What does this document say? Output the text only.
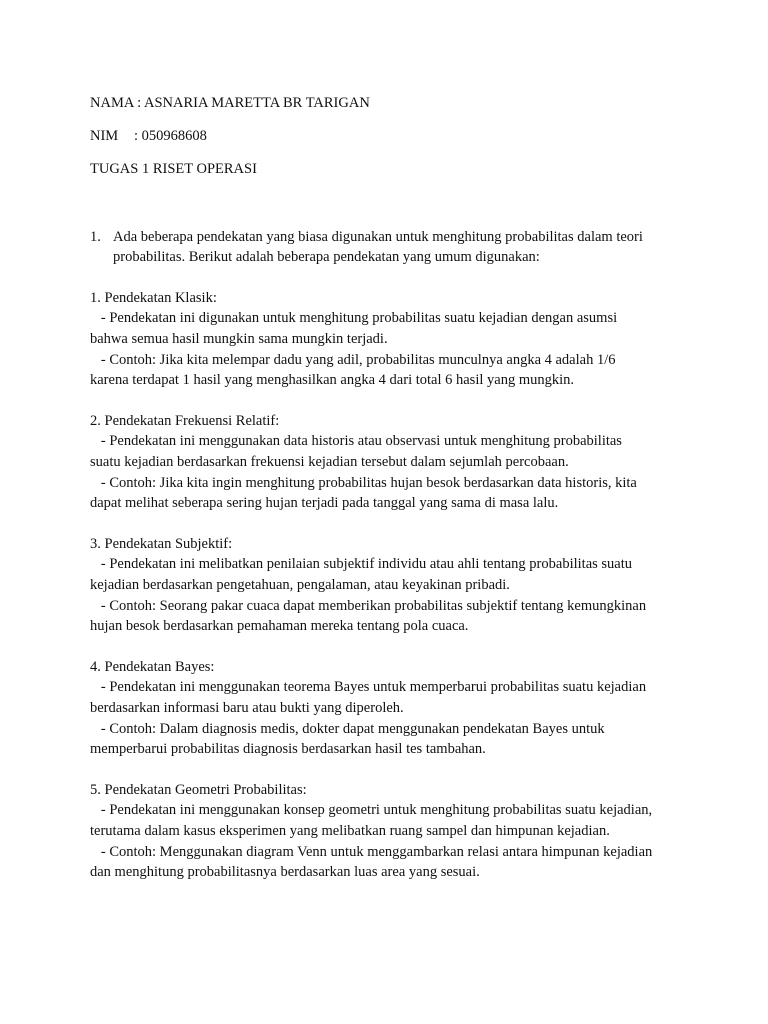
NAMA : ASNARIA MARETTA BR TARIGAN
NIM : 050968608
TUGAS 1 RISET OPERASI
1. Ada beberapa pendekatan yang biasa digunakan untuk menghitung probabilitas dalam teori
probabilitas. Berikut adalah beberapa pendekatan yang umum digunakan:
1. Pendekatan Klasik:
- Pendekatan ini digunakan untuk menghitung probabilitas suatu kejadian dengan asumsi
bahwa semua hasil mungkin sama mungkin terjadi.
- Contoh: Jika kita melempar dadu yang adil, probabilitas munculnya angka 4 adalah 1/6
karena terdapat 1 hasil yang menghasilkan angka 4 dari total 6 hasil yang mungkin.
2. Pendekatan Frekuensi Relatif:
- Pendekatan ini menggunakan data historis atau observasi untuk menghitung probabilitas
suatu kejadian berdasarkan frekuensi kejadian tersebut dalam sejumlah percobaan.
- Contoh: Jika kita ingin menghitung probabilitas hujan besok berdasarkan data historis, kita
dapat melihat seberapa sering hujan terjadi pada tanggal yang sama di masa lalu.
3. Pendekatan Subjektif:
- Pendekatan ini melibatkan penilaian subjektif individu atau ahli tentang probabilitas suatu
kejadian berdasarkan pengetahuan, pengalaman, atau keyakinan pribadi.
- Contoh: Seorang pakar cuaca dapat memberikan probabilitas subjektif tentang kemungkinan
hujan besok berdasarkan pemahaman mereka tentang pola cuaca.
4. Pendekatan Bayes:
- Pendekatan ini menggunakan teorema Bayes untuk memperbarui probabilitas suatu kejadian
berdasarkan informasi baru atau bukti yang diperoleh.
- Contoh: Dalam diagnosis medis, dokter dapat menggunakan pendekatan Bayes untuk
memperbarui probabilitas diagnosis berdasarkan hasil tes tambahan.
5. Pendekatan Geometri Probabilitas:
- Pendekatan ini menggunakan konsep geometri untuk menghitung probabilitas suatu kejadian,
terutama dalam kasus eksperimen yang melibatkan ruang sampel dan himpunan kejadian.
- Contoh: Menggunakan diagram Venn untuk menggambarkan relasi antara himpunan kejadian
dan menghitung probabilitasnya berdasarkan luas area yang sesuai.
